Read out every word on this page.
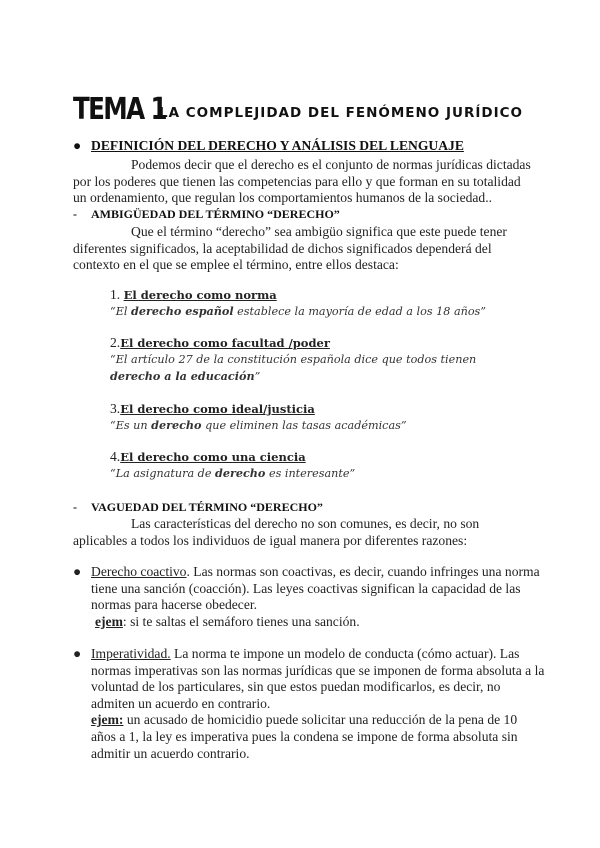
TEMA 1
LA COMPLEJIDAD DEL FENÓMENO JURÍDICO
● DEFINICIÓN DEL DERECHO Y ANÁLISIS DEL LENGUAJE
Podemos decir que el derecho es el conjunto de normas jurídicas dictadas por los poderes que tienen las competencias para ello y que forman en su totalidad un ordenamiento, que regulan los comportamientos humanos de la sociedad..
- AMBIGÜEDAD DEL TÉRMINO “DERECHO”
Que el término “derecho” sea ambigüo significa que este puede tener diferentes significados, la aceptabilidad de dichos significados dependerá del contexto en el que se emplee el término, entre ellos destaca:
1. El derecho como norma
“El derecho español establece la mayoría de edad a los 18 años”
2.El derecho como facultad /poder
“El artículo 27 de la constitución española dice que todos tienen derecho a la educación”
3.El derecho como ideal/justicia
“Es un derecho que eliminen las tasas académicas”
4.El derecho como una ciencia
“La asignatura de derecho es interesante”
- VAGUEDAD DEL TÉRMINO “DERECHO”
Las características del derecho no son comunes, es decir, no son aplicables a todos los individuos de igual manera por diferentes razones:
● Derecho coactivo. Las normas son coactivas, es decir, cuando infringes una norma tiene una sanción (coacción). Las leyes coactivas significan la capacidad de las normas para hacerse obedecer.
ejem: si te saltas el semáforo tienes una sanción.
● Imperatividad. La norma te impone un modelo de conducta (cómo actuar). Las normas imperativas son las normas jurídicas que se imponen de forma absoluta a la voluntad de los particulares, sin que estos puedan modificarlos, es decir, no admiten un acuerdo en contrario.
ejem: un acusado de homicidio puede solicitar una reducción de la pena de 10 años a 1, la ley es imperativa pues la condena se impone de forma absoluta sin admitir un acuerdo contrario.
